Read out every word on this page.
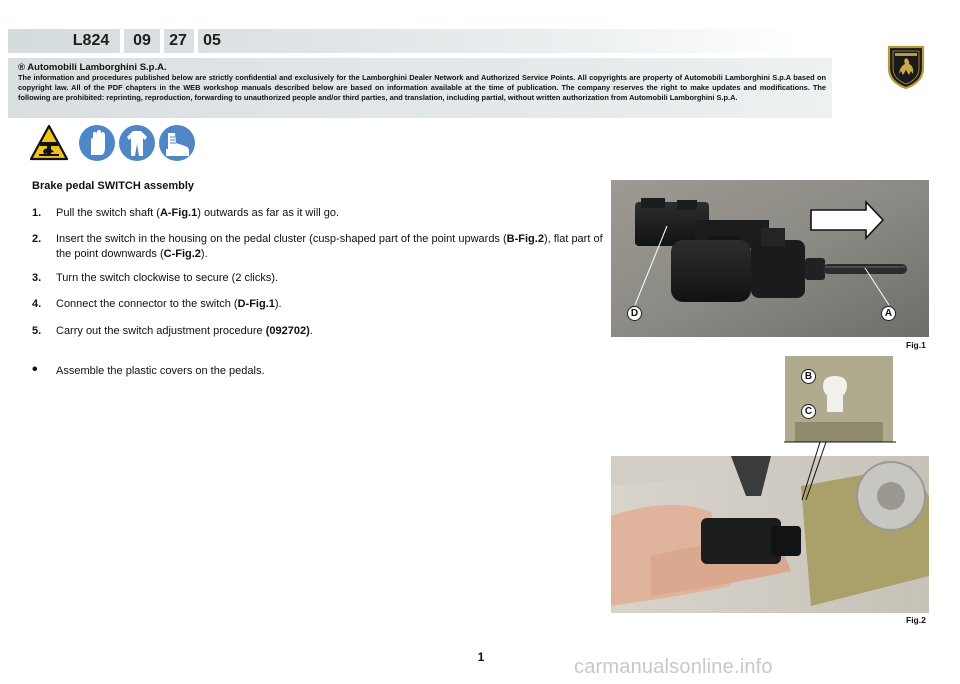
L824	09	27	05
® Automobili Lamborghini S.p.A.
The information and procedures published below are strictly confidential and exclusively for the Lamborghini Dealer Network and Authorized Service Points. All copyrights are property of Automobili Lamborghini S.p.A based on copyright law. All of the PDF chapters in the WEB workshop manuals described below are based on information available at the time of publication. The company reserves the right to make updates and modifications. The following are prohibited: reprinting, reproduction, forwarding to unauthorized people and/or third parties, and translation, including partial, without written authorization from Automobili Lamborghini S.p.A.
Brake pedal SWITCH assembly
1. Pull the switch shaft (A-Fig.1) outwards as far as it will go.
2. Insert the switch in the housing on the pedal cluster (cusp-shaped part of the point upwards (B-Fig.2), flat part of the point downwards (C-Fig.2).
3. Turn the switch clockwise to secure (2 clicks).
4. Connect the connector to the switch (D-Fig.1).
5. Carry out the switch adjustment procedure (092702).
• Assemble the plastic covers on the pedals.
D	A
Fig.1
B
C
Fig.2
1	carmanualsonline.info
